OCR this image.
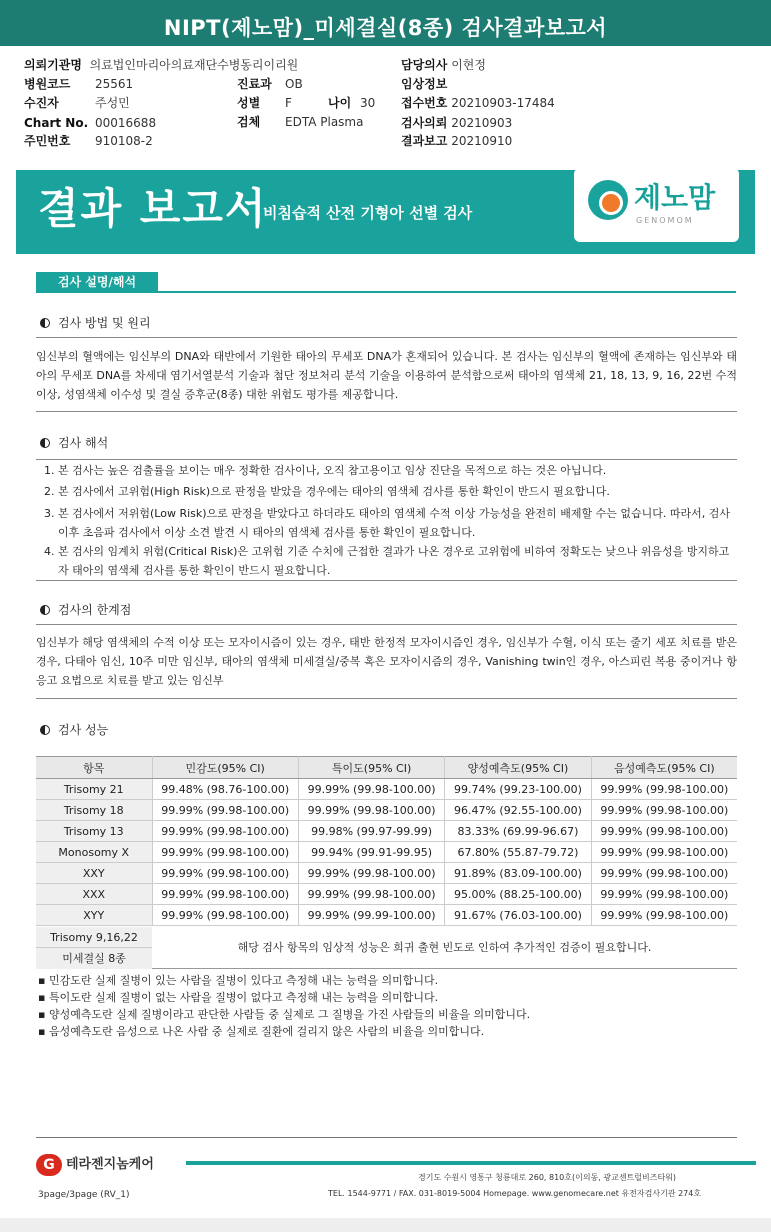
NIPT(제노맘)_미세결실(8종) 검사결과보고서
의뢰기관명 의료법인마리아의료재단수병동리이리원
병원코드 25561
수진자	주성민
Chart No. 00016688
주민번호 910108-2
진료과 OB
성별 F	나이 30
검체 EDTA Plasma
담당의사 이현정
임상정보
접수번호 20210903-17484
검사의뢰 20210903
결과보고 20210910
결과 보고서
비침습적 산전 기형아 선별 검사	제노맘
GENOMOM
검사 설명/해석
검사 방법 및 원리
임신부의 혈액에는 임신부의 DNA와 태반에서 기원한 태아의 무세포 DNA가 혼재되어 있습니다. 본 검사는 임신부의 혈액에 존재하는 임신부와 태아의 무세포 DNA를 차세대 염기서열분석 기술과 첨단 정보처리 분석 기술을 이용하여 분석함으로써 태아의 염색체 21, 18, 13, 9, 16, 22번 수적 이상, 성염색체 이수성 및 결실 증후군(8종) 대한 위험도 평가를 제공합니다.
검사 해석
1. 본 검사는 높은 검출률을 보이는 매우 정확한 검사이나, 오직 참고용이고 임상 진단을 목적으로 하는 것은 아닙니다.
2. 본 검사에서 고위험(High Risk)으로 판정을 받았을 경우에는 태아의 염색체 검사를 통한 확인이 반드시 필요합니다.
3. 본 검사에서 저위험(Low Risk)으로 판정을 받았다고 하더라도 태아의 염색체 수적 이상 가능성을 완전히 배제할 수는 없습니다. 따라서, 검사 이후 초음파 검사에서 이상 소견 발견 시 태아의 염색체 검사를 통한 확인이 필요합니다.
4. 본 검사의 임계치 위험(Critical Risk)은 고위험 기준 수치에 근접한 결과가 나온 경우로 고위험에 비하여 정확도는 낮으나 위음성을 방지하고자 태아의 염색체 검사를 통한 확인이 반드시 필요합니다.
검사의 한계점
임신부가 해당 염색체의 수적 이상 또는 모자이시즘이 있는 경우, 태반 한정적 모자이시즘인 경우, 임신부가 수혈, 이식 또는 줄기 세포 치료를 받은 경우, 다태아 임신, 10주 미만 임신부, 태아의 염색체 미세결실/중복 혹은 모자이시즘의 경우, Vanishing twin인 경우, 아스피린 복용 중이거나 항 응고 요법으로 치료를 받고 있는 임신부
검사 성능
항목	민감도(95% CI)	특이도(95% CI)	양성예측도(95% CI)	음성예측도(95% CI)
Trisomy 21	99.48% (98.76-100.00)	99.99% (99.98-100.00)	99.74% (99.23-100.00)	99.99% (99.98-100.00)
Trisomy 18	99.99% (99.98-100.00)	99.99% (99.98-100.00)	96.47% (92.55-100.00)	99.99% (99.98-100.00)
Trisomy 13	99.99% (99.98-100.00)	99.98% (99.97-99.99)	83.33% (69.99-96.67)	99.99% (99.98-100.00)
Monosomy X	99.99% (99.98-100.00)	99.94% (99.91-99.95)	67.80% (55.87-79.72)	99.99% (99.98-100.00)
XXY	99.99% (99.98-100.00)	99.99% (99.98-100.00)	91.89% (83.09-100.00)	99.99% (99.98-100.00)
XXX	99.99% (99.98-100.00)	99.99% (99.98-100.00)	95.00% (88.25-100.00)	99.99% (99.98-100.00)
XYY	99.99% (99.98-100.00)	99.99% (99.99-100.00)	91.67% (76.03-100.00)	99.99% (99.98-100.00)
Trisomy 9,16,22
미세결실 8종
해당 검사 항목의 임상적 성능은 희귀 출현 빈도로 인하여 추가적인 검증이 필요합니다.
▪ 민감도란 실제 질병이 있는 사람을 질병이 있다고 측정해 내는 능력을 의미합니다.
▪ 특이도란 실제 질병이 없는 사람을 질병이 없다고 측정해 내는 능력을 의미합니다.
▪ 양성예측도란 실제 질병이라고 판단한 사람들 중 실제로 그 질병을 가진 사람들의 비율을 의미합니다.
▪ 음성예측도란 음성으로 나온 사람 중 실제로 질환에 걸리지 않은 사람의 비율을 의미합니다.
G 테라젠지놈케어
경기도 수원시 영통구 청룡대로 260, 810호(이의동, 광교센트럴비즈타워)
TEL. 1544-9771 / FAX. 031-8019-5004 Homepage. www.genomecare.net 유전자검사기관 274호
3page/3page (RV_1)
